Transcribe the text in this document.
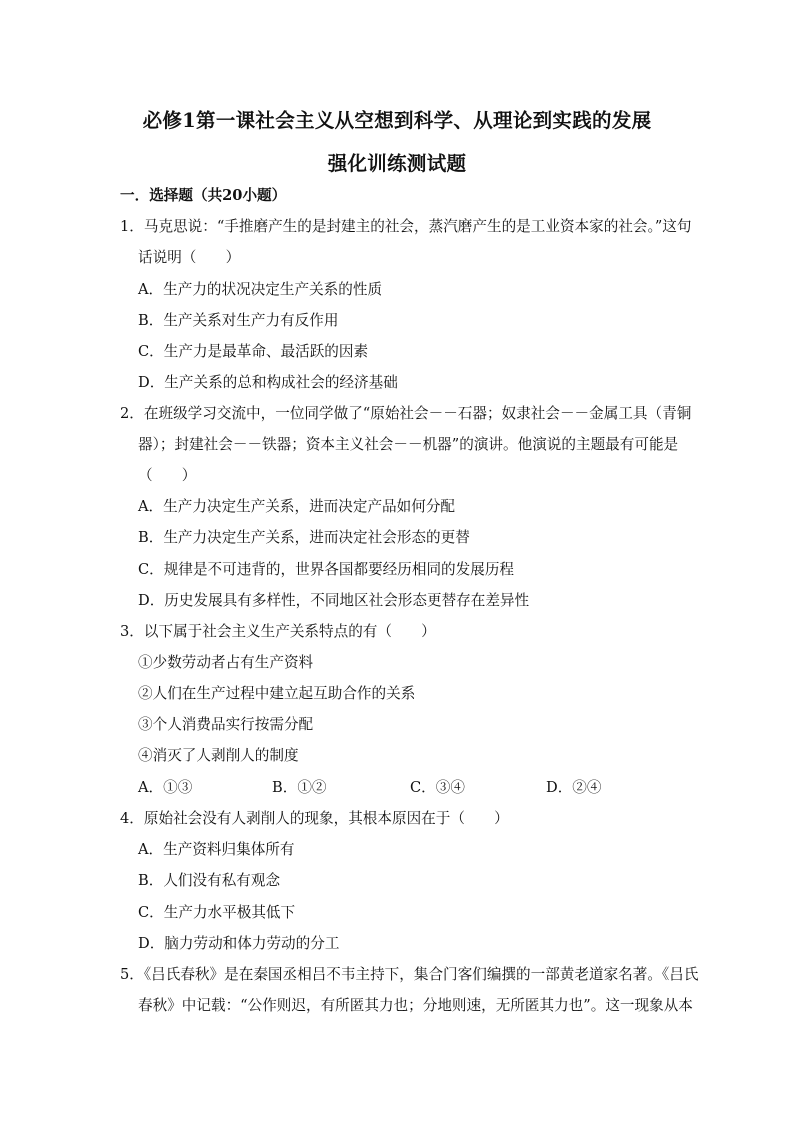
必修1第一课社会主义从空想到科学、从理论到实践的发展
强化训练测试题
一．选择题（共20小题）
1．马克思说：“手推磨产生的是封建主的社会，蒸汽磨产生的是工业资本家的社会。”这句
话说明（　　）
A．生产力的状况决定生产关系的性质
B．生产关系对生产力有反作用
C．生产力是最革命、最活跃的因素
D．生产关系的总和构成社会的经济基础
2．在班级学习交流中，一位同学做了“原始社会－－石器；奴隶社会－－金属工具（青铜
器）；封建社会－－铁器；资本主义社会－－机器”的演讲。他演说的主题最有可能是
（　　）
A．生产力决定生产关系，进而决定产品如何分配
B．生产力决定生产关系，进而决定社会形态的更替
C．规律是不可违背的，世界各国都要经历相同的发展历程
D．历史发展具有多样性，不同地区社会形态更替存在差异性
3．以下属于社会主义生产关系特点的有（　　）
①少数劳动者占有生产资料
②人们在生产过程中建立起互助合作的关系
③个人消费品实行按需分配
④消灭了人剥削人的制度
A．①③	B．①②	C．③④	D．②④
4．原始社会没有人剥削人的现象，其根本原因在于（　　）
A．生产资料归集体所有
B．人们没有私有观念
C．生产力水平极其低下
D．脑力劳动和体力劳动的分工
5．《吕氏春秋》是在秦国丞相吕不韦主持下，集合门客们编撰的一部黄老道家名著。《吕氏
春秋》中记载：“公作则迟，有所匿其力也；分地则速，无所匿其力也”。这一现象从本
